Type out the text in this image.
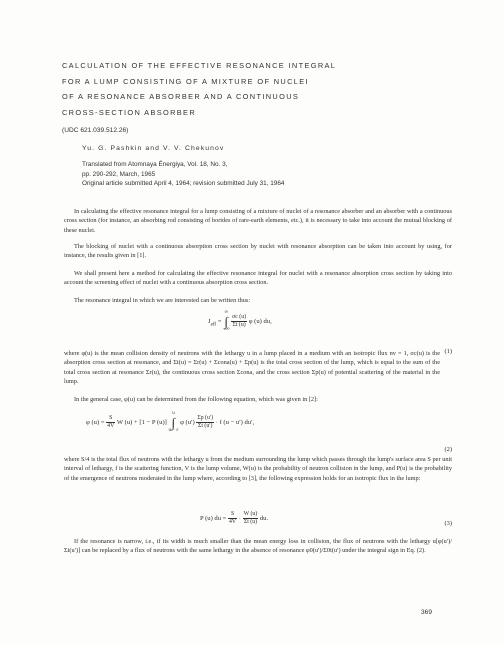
CALCULATION OF THE EFFECTIVE RESONANCE INTEGRAL
FOR A LUMP CONSISTING OF A MIXTURE OF NUCLEI
OF A RESONANCE ABSORBER AND A CONTINUOUS
CROSS-SECTION ABSORBER
(UDC 621.039.512.26)
Yu. G. Pashkin and V. V. Chekunov
Translated from Atomnaya Énergiya, Vol. 18, No. 3,
pp. 290-292, March, 1965
Original article submitted April 4, 1964; revision submitted July 31, 1964

In calculating the effective resonance integral for a lump consisting of a mixture of nuclei of a resonance absorber and an absorber with a continuous cross section (for instance, an absorbing rod consisting of borides of rare-earth elements, etc.), it is necessary to take into account the mutual blocking of these nuclei.

The blocking of nuclei with a continuous absorption cross section by nuclei with resonance absorption can be taken into account by using, for instance, the results given in [1].

We shall present here a method for calculating the effective resonance integral for nuclei with a resonance absorption cross section by taking into account the screening effect of nuclei with a continuous absorption cross section.

The resonance integral in which we are interested can be written thus:

$J_{eff}$ = ∞
∫
−∞
$\frac{\sigma c (u)}{\Sigma t (u)}$ φ (u) du,
(1)

where φ(u) is the mean collision density of neutrons with the lethargy u in a lump placed in a medium with an isotropic flux nv = 1, σc(u) is the absorption cross section at resonance, and Σt(u) = Σr(u) + Σcona(u) + Σp(u) is the total cross section of the lump, which is equal to the sum of the total cross section at resonance Σr(u), the continuous cross section Σcona, and the cross section Σp(u) of potential scattering of the material in the lump.

In the general case, φ(u) can be determined from the following equation, which was given in [2]:

φ $(u) = \frac{S}{4V}$ W (u) + [1 − P (u)] u
∫
u − ε φ $(u') \frac{\Sigma p (u')}{\Sigma t (u')} \cdot f$ (u − u′) du′,
(2)

where S/4 is the total flux of neutrons with the lethargy u from the medium surrounding the lump which passes through the lump's surface area S per unit interval of lethargy, f is the scattering function, V is the lump volume, W(u) is the probability of neutron collision in the lump, and P(u) is the probability of the emergence of neutrons moderated in the lump where, according to [3], the following expression holds for an isotropic flux in the lump:

P (u) du = $\frac{S}{4V} \cdot \frac{W (u)}{\Sigma t (u)}$ du.
(3)

If the resonance is narrow, i.e., if its width is much smaller than the mean energy loss in collision, the flux of neutrons with the lethargy u[φ(u′)/Σt(u′)] can be replaced by a flux of neutrons with the same lethargy in the absence of resonance φ0(u′)/Σ0t(u′) under the integral sign in Eq. (2).

369
